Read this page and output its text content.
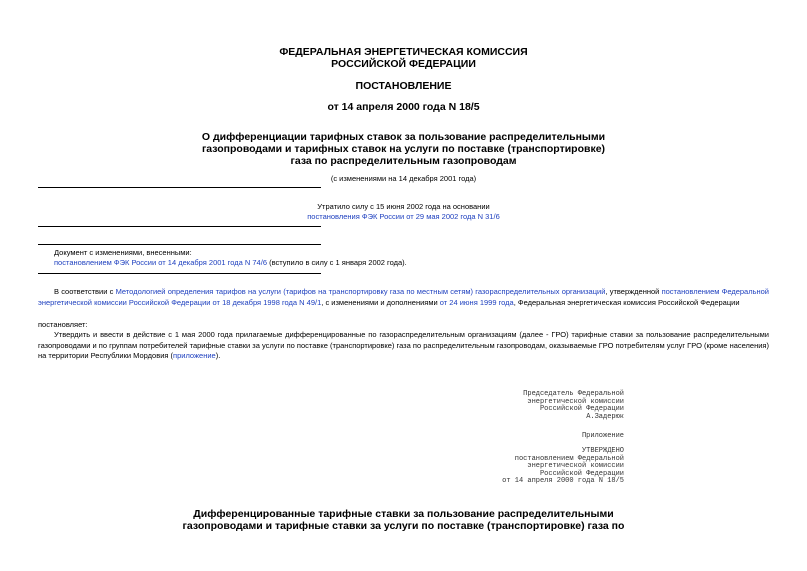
ФЕДЕРАЛЬНАЯ ЭНЕРГЕТИЧЕСКАЯ КОМИССИЯ
РОССИЙСКОЙ ФЕДЕРАЦИИ
ПОСТАНОВЛЕНИЕ
от 14 апреля 2000 года N 18/5
О дифференциации тарифных ставок за пользование распределительными
газопроводами и тарифных ставок на услуги по поставке (транспортировке)
газа по распределительным газопроводам
(с изменениями на 14 декабря 2001 года)
Утратило силу с 15 июня 2002 года на основании
постановления ФЭК России от 29 мая 2002 года N 31/6
Документ с изменениями, внесенными:
постановлением ФЭК России от 14 декабря 2001 года N 74/6 (вступило в силу с 1 января 2002 года).
В соответствии с Методологией определения тарифов на услуги (тарифов на транспортировку газа по местным сетям) газораспределительных организаций, утвержденной постановлением Федеральной энергетической комиссии Российской Федерации от 18 декабря 1998 года N 49/1, с изменениями и дополнениями от 24 июня 1999 года, Федеральная энергетическая комиссия Российской Федерации
постановляет:
Утвердить и ввести в действие с 1 мая 2000 года прилагаемые дифференцированные по газораспределительным организациям (далее - ГРО) тарифные ставки за пользование распределительными газопроводами и по группам потребителей тарифные ставки за услуги по поставке (транспортировке) газа по распределительным газопроводам, оказываемые ГРО потребителям услуг ГРО (кроме населения) на территории Республики Мордовия (приложение).
Председатель Федеральной
энергетической комиссии
Российской Федерации
А.Задерюк
Приложение
УТВЕРЖДЕНО
постановлением Федеральной
энергетической комиссии
Российской Федерации
от 14 апреля 2000 года N 18/5
Дифференцированные тарифные ставки за пользование распределительными
газопроводами и тарифные ставки за услуги по поставке (транспортировке) газа по
